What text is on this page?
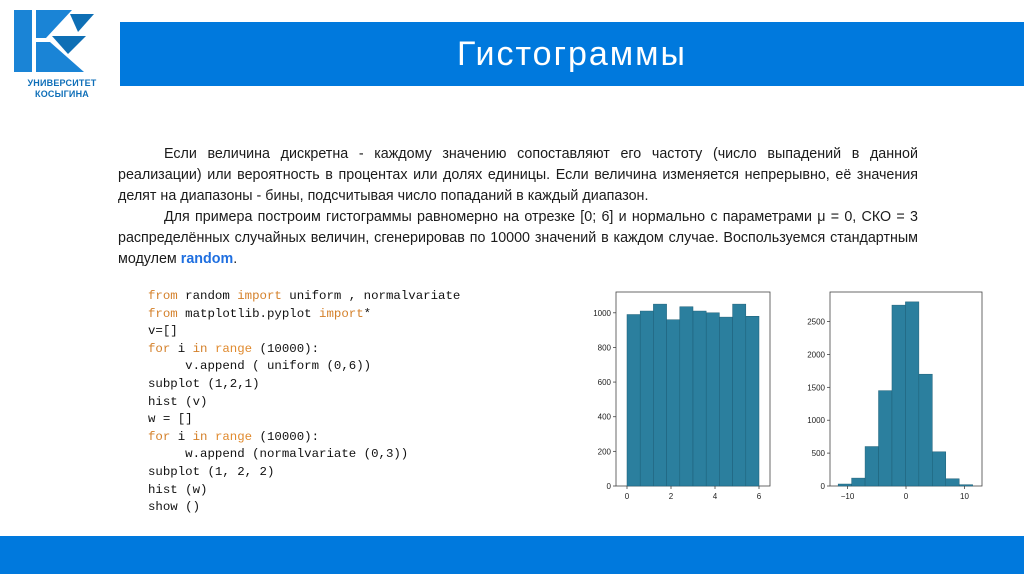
УНИВЕРСИТЕТ
КОСЫГИНА
Гистограммы

Если величина дискретна - каждому значению сопоставляют его частоту (число выпадений в данной реализации) или вероятность в процентах или долях единицы. Если величина изменяется непрерывно, её значения делят на диапазоны - бины, подсчитывая число попаданий в каждый диапазон.

Для примера построим гистограммы равномерно на отрезке [0; 6] и нормально с параметрами μ = 0, СКО = 3 распределённых случайных величин, сгенерировав по 10000 значений в каждом случае. Воспользуемся стандартным модулем random.

from random import uniform , normalvariate
from matplotlib.pyplot import*
v=[]
for i in range (10000):
v.append ( uniform (0,6))
subplot (1,2,1)
hist (v)
w = []
for i in range (10000):
w.append (normalvariate (0,3))
subplot (1, 2, 2)
hist (w)
show ()
0
200
400
600
800
1000
0	2	4	6
0
500
1000
1500
2000
2500
−10	0	10
